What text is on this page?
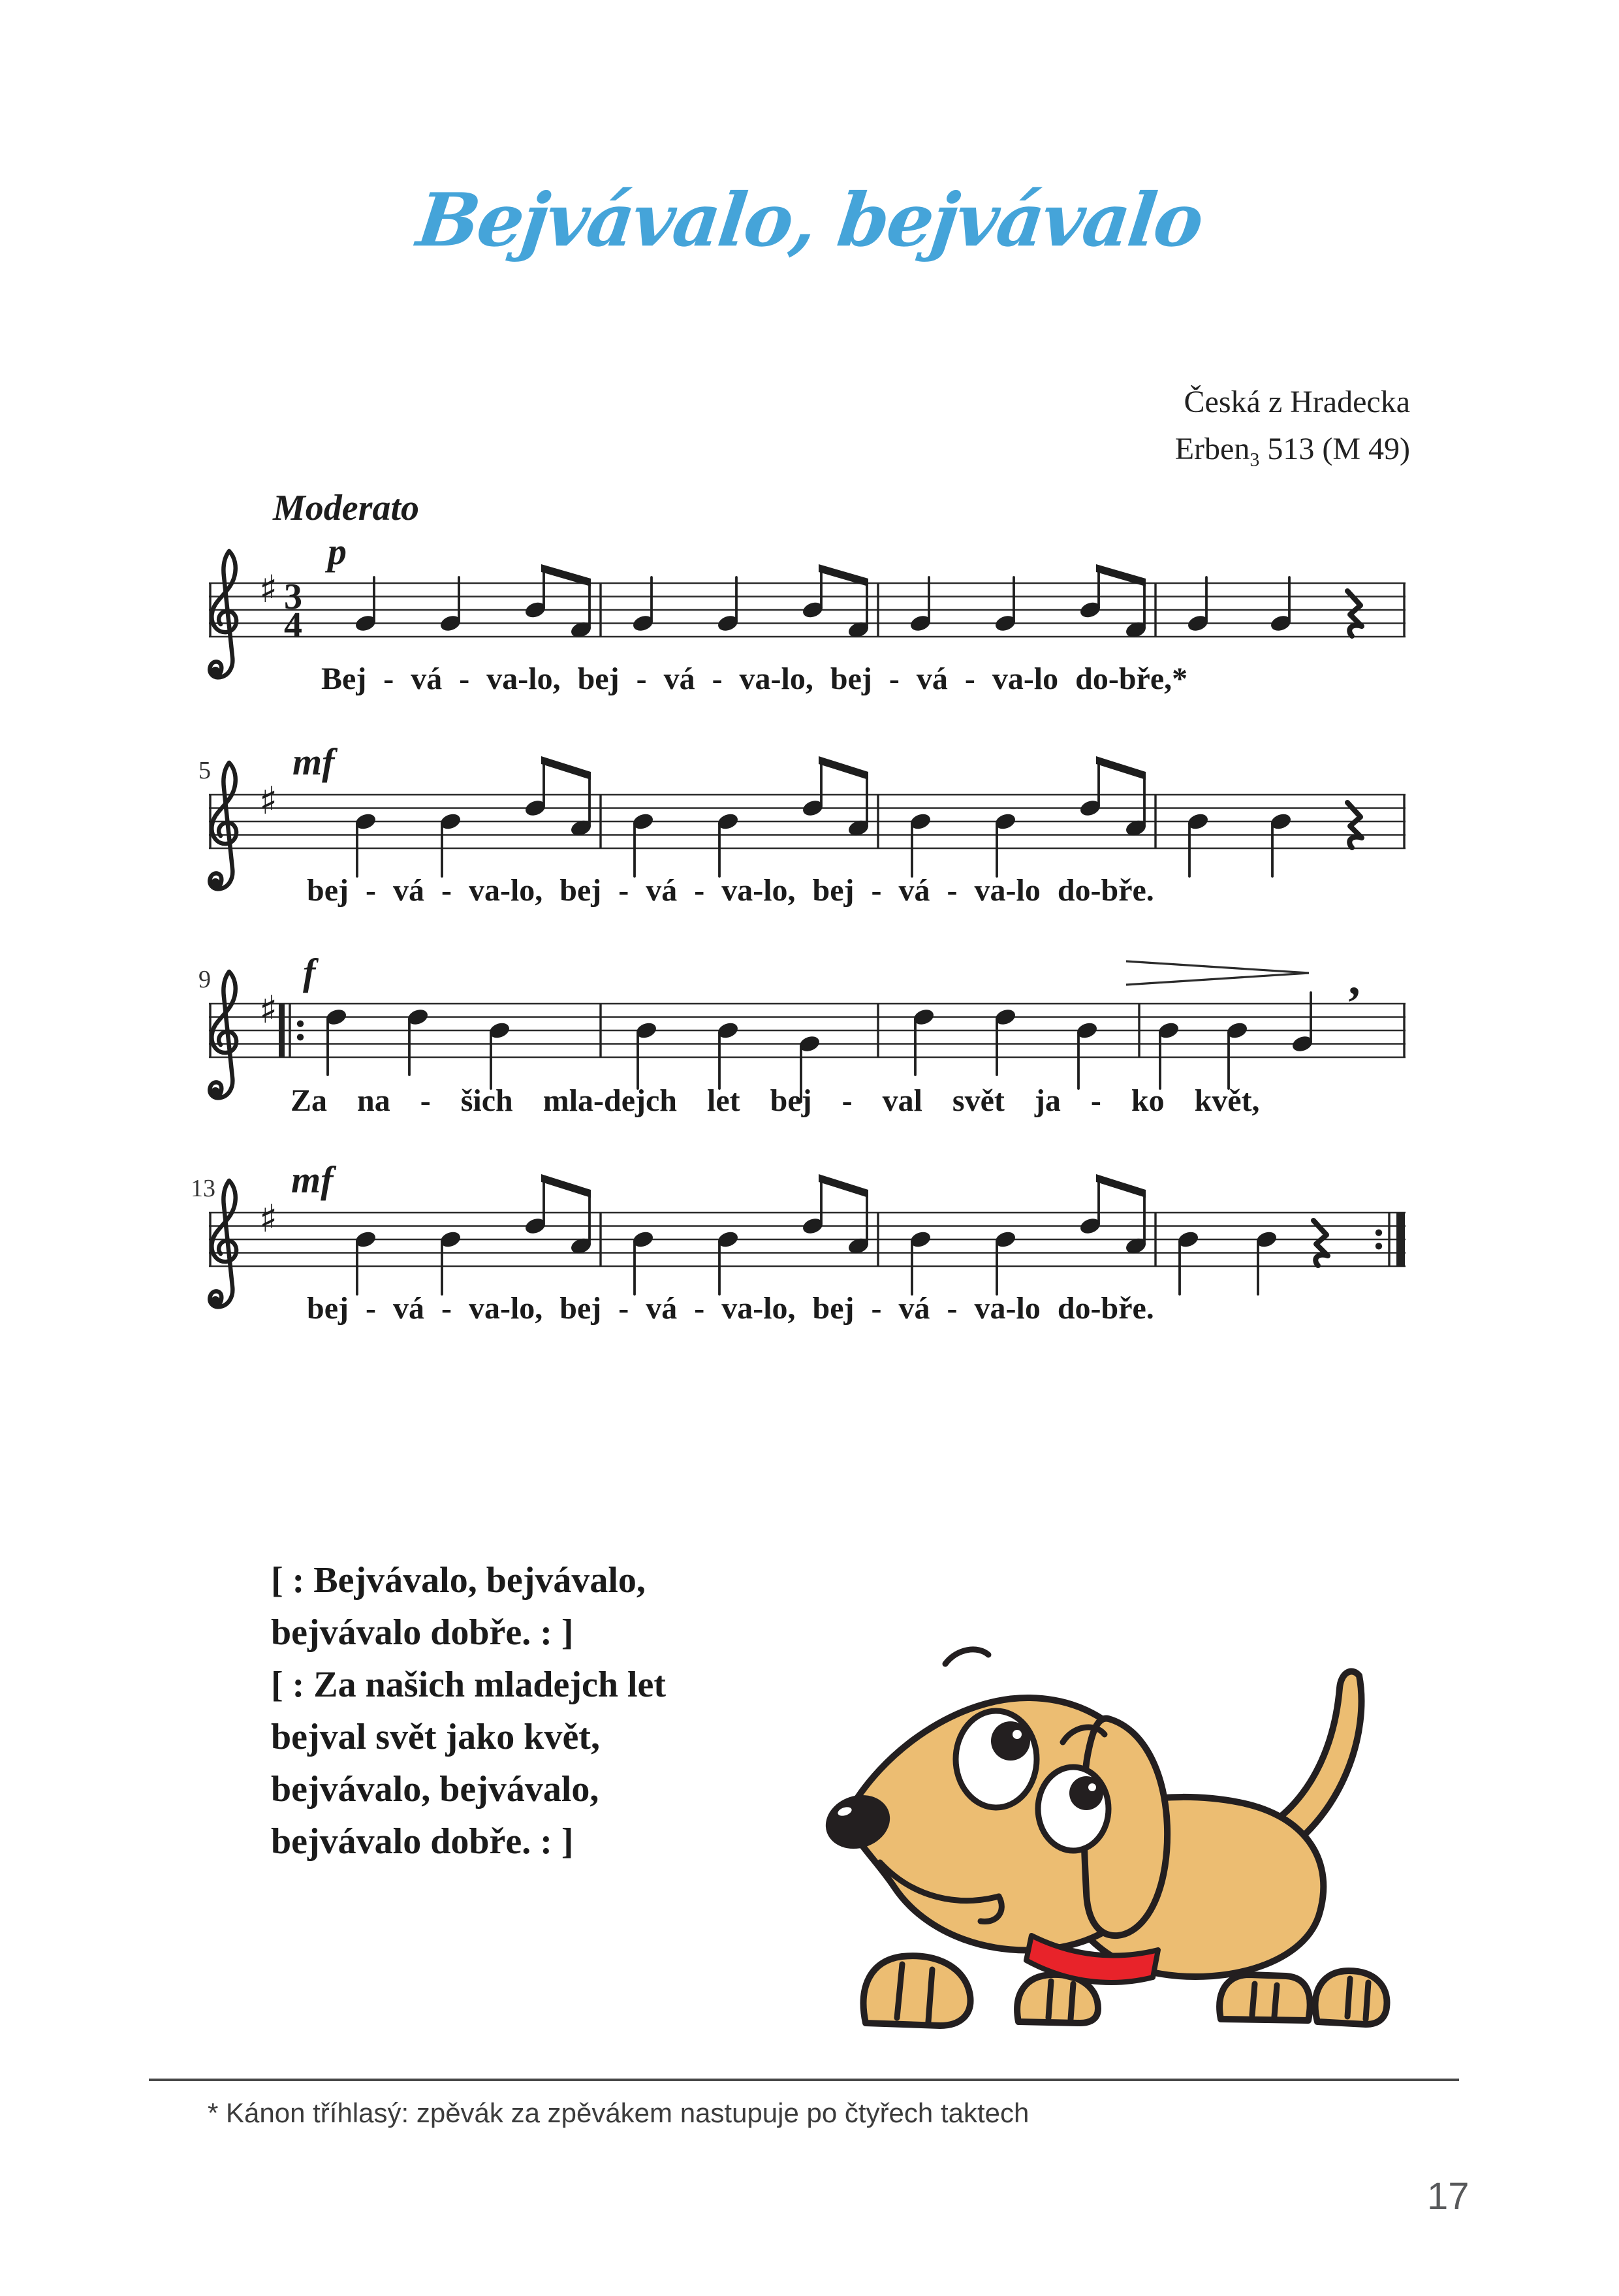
♯ 3
4
p
♯
5 mf
♯
9 f
’
♯
13 mf
Bejvávalo, bejvávalo
Česká z Hradecka
Erben$_3$ 513 (M 49)
Moderato
Bej - vá - va-lo, bej - vá - va-lo, bej - vá - va-lo do-bře,*
bej - vá - va-lo, bej - vá - va-lo, bej - vá - va-lo do-bře.
Za na - šich mla-dejch let bej - val svět ja - ko květ,
bej - vá - va-lo, bej - vá - va-lo, bej - vá - va-lo do-bře.
[ : Bejvávalo, bejvávalo,
bejvávalo dobře. : ]
[ : Za našich mladejch let
bejval svět jako květ,
bejvávalo, bejvávalo,
bejvávalo dobře. : ]
* Kánon tříhlasý: zpěvák za zpěvákem nastupuje po čtyřech taktech
17
